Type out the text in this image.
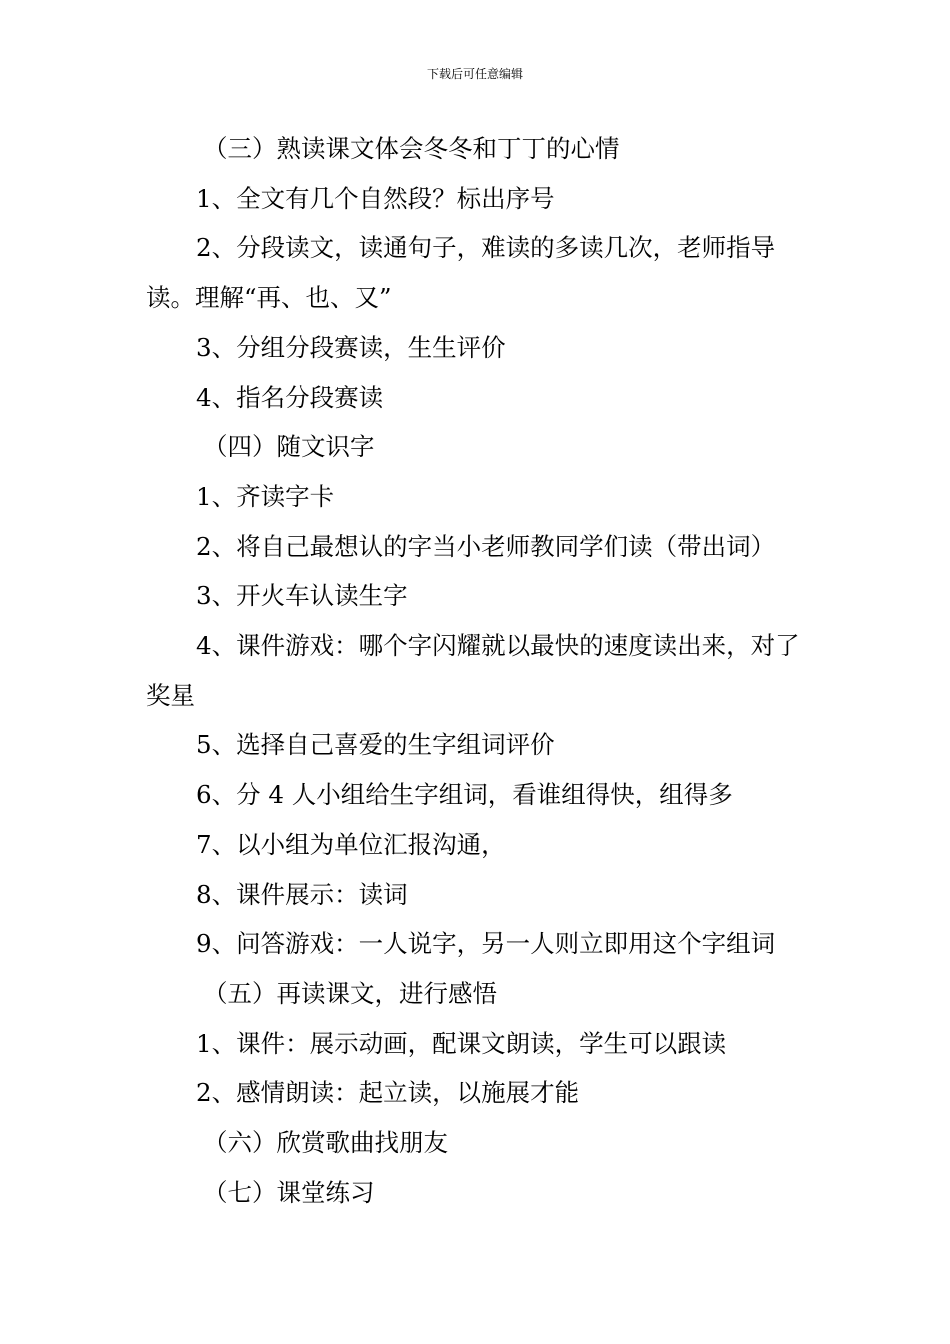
下载后可任意编辑

（三）熟读课文体会冬冬和丁丁的心情

1、全文有几个自然段？标出序号

2、分段读文，读通句子，难读的多读几次，老师指导读。理解“再、也、又”

3、分组分段赛读，生生评价

4、指名分段赛读

（四）随文识字

1、齐读字卡

2、将自己最想认的字当小老师教同学们读（带出词）

3、开火车认读生字

4、课件游戏：哪个字闪耀就以最快的速度读出来，对了奖星

5、选择自己喜爱的生字组词评价

6、分 4 人小组给生字组词，看谁组得快，组得多

7、以小组为单位汇报沟通，

8、课件展示：读词

9、问答游戏：一人说字，另一人则立即用这个字组词

（五）再读课文，进行感悟

1、课件：展示动画，配课文朗读，学生可以跟读

2、感情朗读：起立读，以施展才能

（六）欣赏歌曲找朋友

（七）课堂练习
